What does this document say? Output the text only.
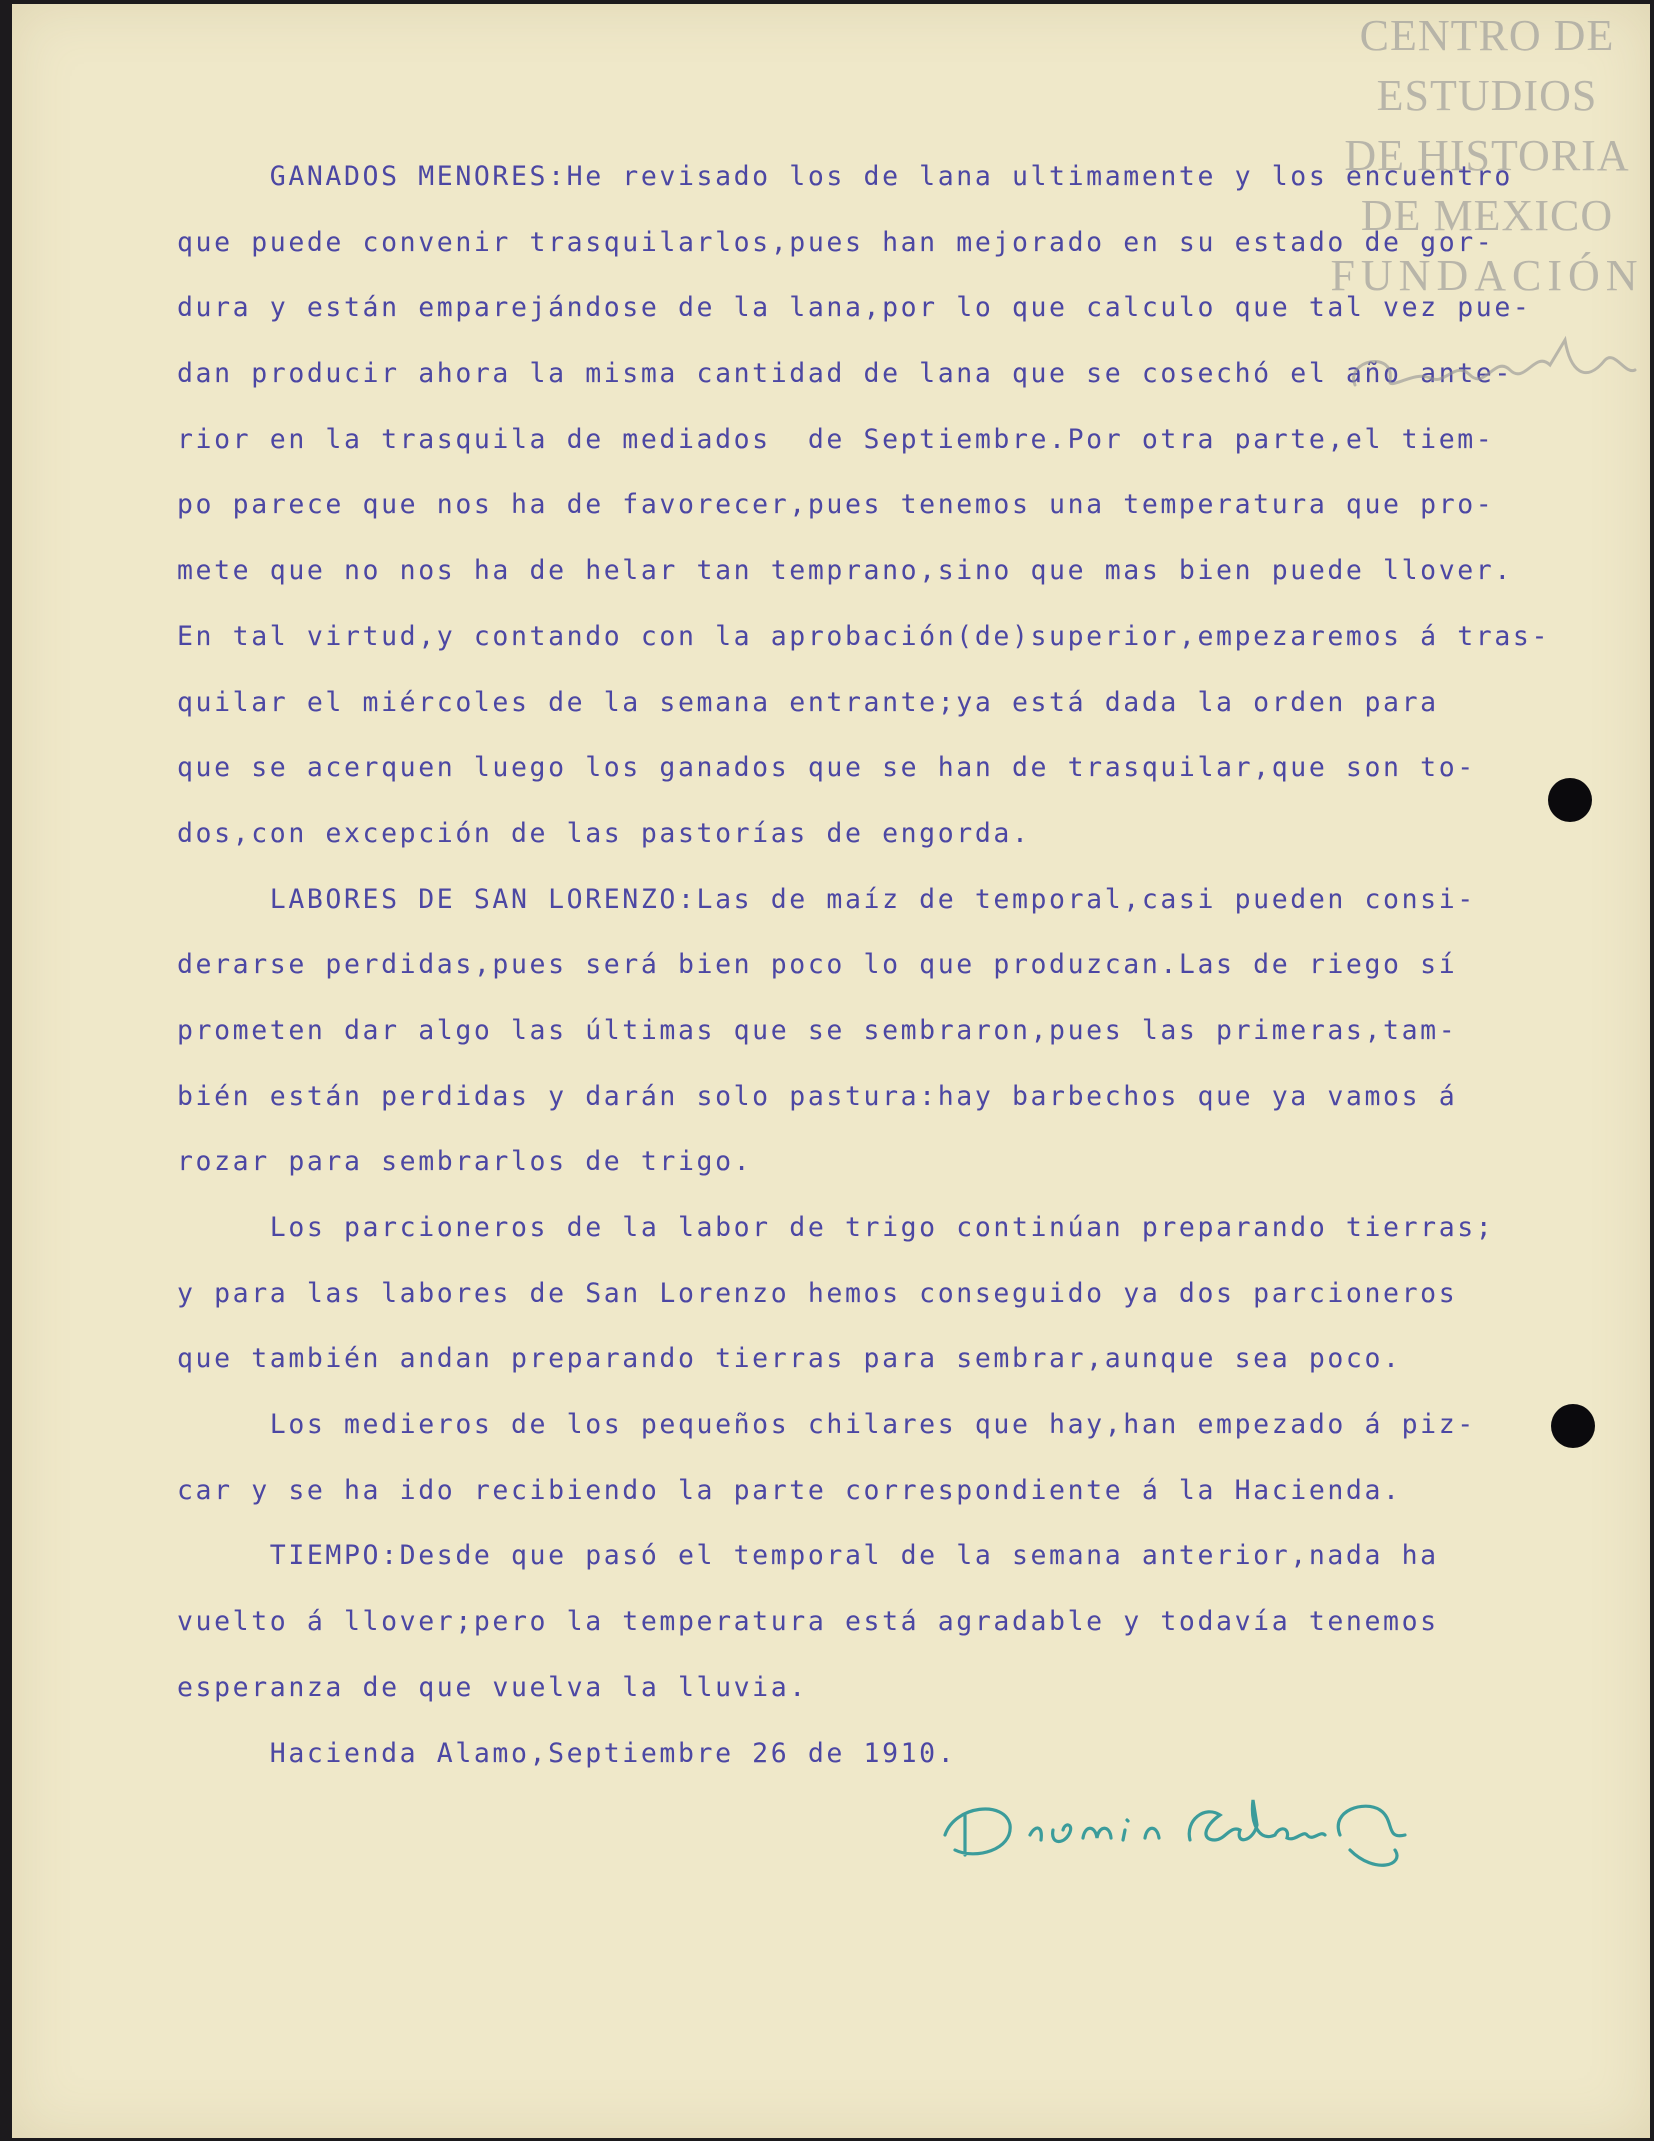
GANADOS MENORES:He revisado los de lana ultimamente y los encuentro
que puede convenir trasquilarlos,pues han mejorado en su estado de gor-
dura y están emparejándose de la lana,por lo que calculo que tal vez pue-
dan producir ahora la misma cantidad de lana que se cosechó el año ante-
rior en la trasquila de mediados  de Septiembre.Por otra parte,el tiem-
po parece que nos ha de favorecer,pues tenemos una temperatura que pro-
mete que no nos ha de helar tan temprano,sino que mas bien puede llover.
En tal virtud,y contando con la aprobación(de)superior,empezaremos á tras-
quilar el miércoles de la semana entrante;ya está dada la orden para
que se acerquen luego los ganados que se han de trasquilar,que son to-
dos,con excepción de las pastorías de engorda.
LABORES DE SAN LORENZO:Las de maíz de temporal,casi pueden consi-
derarse perdidas,pues será bien poco lo que produzcan.Las de riego sí
prometen dar algo las últimas que se sembraron,pues las primeras,tam-
bién están perdidas y darán solo pastura:hay barbechos que ya vamos á
rozar para sembrarlos de trigo.
Los parcioneros de la labor de trigo continúan preparando tierras;
y para las labores de San Lorenzo hemos conseguido ya dos parcioneros
que también andan preparando tierras para sembrar,aunque sea poco.
Los medieros de los pequeños chilares que hay,han empezado á piz-
car y se ha ido recibiendo la parte correspondiente á la Hacienda.
TIEMPO:Desde que pasó el temporal de la semana anterior,nada ha
vuelto á llover;pero la temperatura está agradable y todavía tenemos
esperanza de que vuelva la lluvia.
Hacienda Alamo,Septiembre 26 de 1910.
CENTRO DE
ESTUDIOS
DE HISTORIA
DE MEXICO
FUNDACIÓN
